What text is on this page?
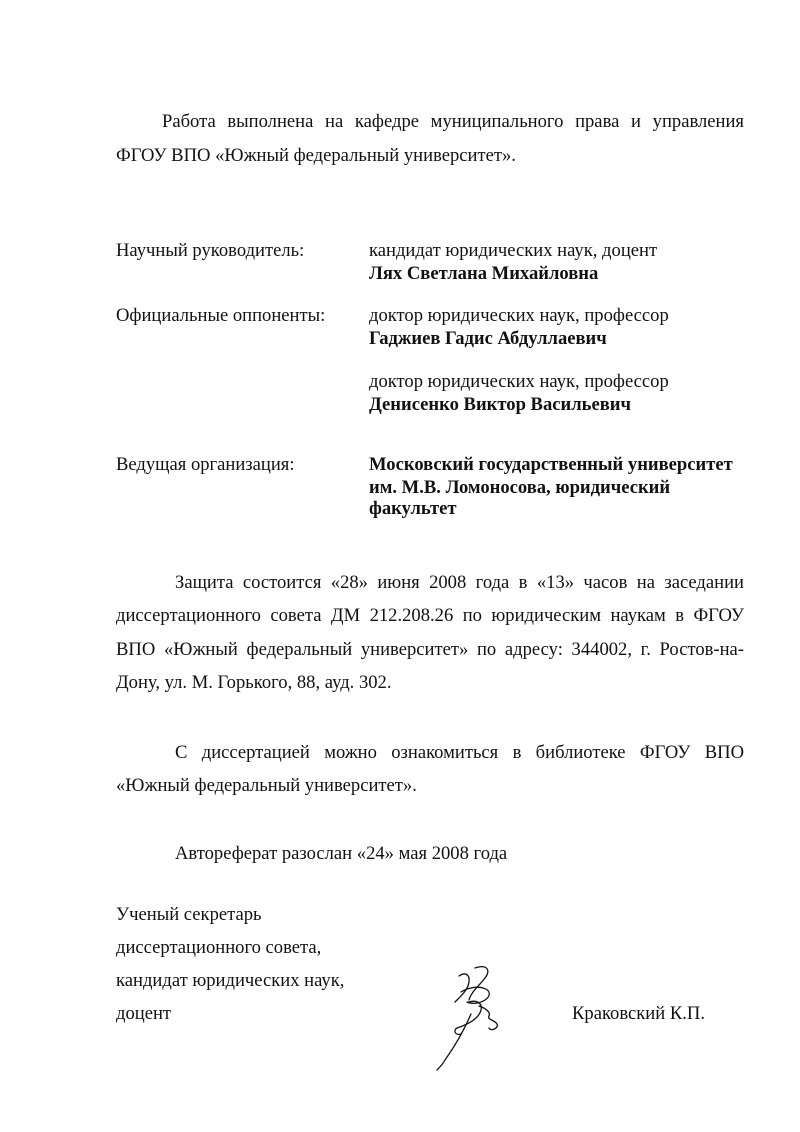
Работа выполнена на кафедре муниципального права и управления
ФГОУ ВПО «Южный федеральный университет».
Научный руководитель:	кандидат юридических наук, доцент
Лях Светлана Михайловна
Официальные оппоненты: доктор юридических наук, профессор
Гаджиев Гадис Абдуллаевич
доктор юридических наук, профессор
Денисенко Виктор Васильевич
Ведущая организация:	Московский государственный университет
им. М.В. Ломоносова, юридический
факультет
Защита состоится «28» июня 2008 года в «13» часов на заседании
диссертационного совета ДМ 212.208.26 по юридическим наукам в ФГОУ
ВПО «Южный федеральный университет» по адресу: 344002, г. Ростов-на-
Дону, ул. М. Горького, 88, ауд. 302.
С диссертацией можно ознакомиться в библиотеке ФГОУ ВПО
«Южный федеральный университет».
Автореферат разослан «24» мая 2008 года
Ученый секретарь
диссертационного совета,
кандидат юридических наук,
доцент	Краковский К.П.
